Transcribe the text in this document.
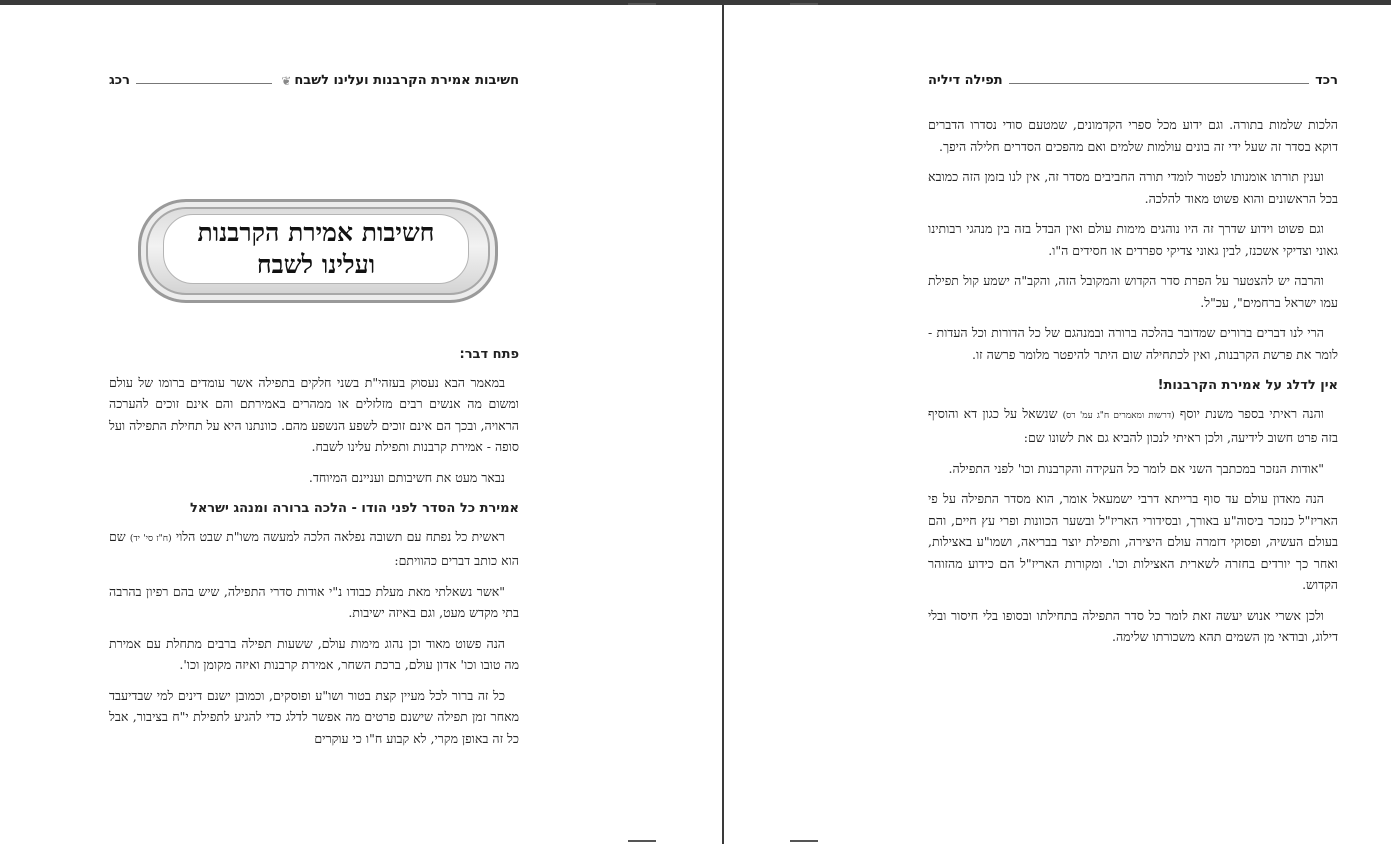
חשיבות אמירת הקרבנות ועלינו לשבח
❦
רכג
חשיבות אמירת הקרבנות
ועלינו לשבח
פתח דבר:

במאמר הבא נעסוק בעזהי"ת בשני חלקים בתפילה אשר עומדים ברומו של עולם ומשום מה אנשים רבים מזלזלים או ממהרים באמירתם והם אינם זוכים להערכה הראויה, ובכך הם אינם זוכים לשפע הנשפע מהם. כוונתנו היא על תחילת התפילה ועל סופה - אמירת קרבנות ותפילת עלינו לשבח.

נבאר מעט את חשיבותם ועניינם המיוחד.

אמירת כל הסדר לפני הודו - הלכה ברורה ומנהג ישראל

ראשית כל נפתח עם תשובה נפלאה הלכה למעשה משו"ת שבט הלוי (ח"ז סי' יד) שם הוא כותב דברים כהוויתם:

"אשר נשאלתי מאת מעלת כבודו נ"י אודות סדרי התפילה, שיש בהם רפיון בהרבה בתי מקדש מעט, וגם באיזה ישיבות.

הנה פשוט מאוד וכן נהוג מימות עולם, ששעות תפילה ברבים מתחלת עם אמירת מה טובו וכו' אדון עולם, ברכת השחר, אמירת קרבנות ואיזה מקומן וכו'.

כל זה ברור לכל מעיין קצת בטור ושו"ע ופוסקים, וכמובן ישנם דינים למי שבדיעבד מאחר זמן תפילה שישנם פרטים מה אפשר לדלג כדי להגיע לתפילת י"ח בציבור, אבל כל זה באופן מקרי, לא קבוע ח"ו כי עוקרים

רכד
תפילה דיליה

הלכות שלמות בתורה. וגם ידוע מכל ספרי הקדמונים, שמטעם סודי נסדרו הדברים דוקא בסדר זה שעל ידי זה בונים עולמות שלמים ואם מהפכים הסדרים חלילה היפך.

וענין תורתו אומנותו לפטור לומדי תורה החביבים מסדר זה, אין לנו בזמן הזה כמובא בכל הראשונים והוא פשוט מאוד להלכה.

וגם פשוט וידוע שדרך זה היו נוהגים מימות עולם ואין הבדל בזה בין מנהגי רבותינו גאוני וצדיקי אשכנז, לבין גאוני צדיקי ספרדים או חסידים ה"ו.

והרבה יש להצטער על הפרת סדר הקדוש והמקובל הזה, והקב"ה ישמע קול תפילת עמו ישראל ברחמים", עכ"ל.

הרי לנו דברים ברורים שמדובר בהלכה ברורה ובמנהגם של כל הדורות וכל העדות - לומר את פרשת הקרבנות, ואין לכתחילה שום היתר להיפטר מלומר פרשה זו.

אין לדלג על אמירת הקרבנות!

והנה ראיתי בספר משנת יוסף (דרשות ומאמרים ח"ג עמ' רס) שנשאל על כגון דא והוסיף בזה פרט חשוב לידיעה, ולכן ראיתי לנכון להביא גם את לשונו שם:

"אודות הנזכר במכתבך השני אם לומר כל העקידה והקרבנות וכו' לפני התפילה.

הנה מאדון עולם עד סוף ברייתא דרבי ישמעאל אומר, הוא מסדר התפילה על פי האריז"ל כנזכר ביסוה"ע באורך, ובסידורי האריז"ל ובשער הכוונות ופרי עץ חיים, והם בעולם העשיה, ופסוקי דזמרה עולם היצירה, ותפילת יוצר בבריאה, ושמו"ע באצילות, ואחר כך יורדים בחזרה לשארית האצילות וכו'. ומקורות האריז"ל הם כידוע מהזוהר הקדוש.

ולכן אשרי אנוש יעשה זאת לומר כל סדר התפילה בתחילתו ובסופו בלי חיסור ובלי דילוג, ובודאי מן השמים תהא משכורתו שלימה.
